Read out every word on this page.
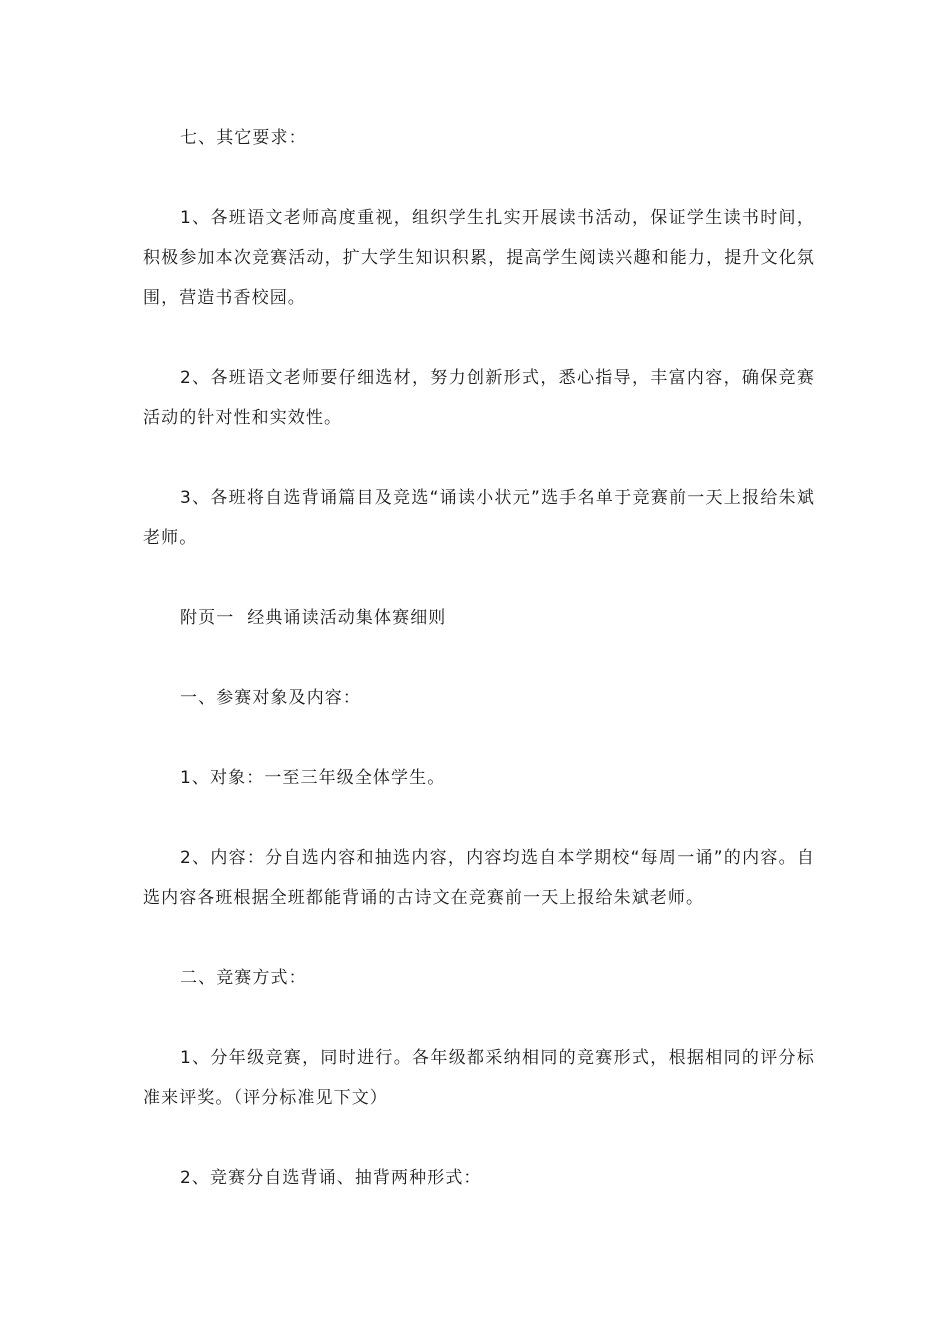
七、其它要求：

1、各班语文老师高度重视，组织学生扎实开展读书活动，保证学生读书时间，积极参加本次竞赛活动，扩大学生知识积累，提高学生阅读兴趣和能力，提升文化氛围，营造书香校园。

2、各班语文老师要仔细选材，努力创新形式，悉心指导，丰富内容，确保竞赛活动的针对性和实效性。

3、各班将自选背诵篇目及竞选“诵读小状元”选手名单于竞赛前一天上报给朱斌老师。

附页一  经典诵读活动集体赛细则

一、参赛对象及内容：

1、对象：一至三年级全体学生。

2、内容：分自选内容和抽选内容，内容均选自本学期校“每周一诵”的内容。自选内容各班根据全班都能背诵的古诗文在竞赛前一天上报给朱斌老师。

二、竞赛方式：

1、分年级竞赛，同时进行。各年级都采纳相同的竞赛形式，根据相同的评分标准来评奖。（评分标准见下文）

2、竞赛分自选背诵、抽背两种形式：
